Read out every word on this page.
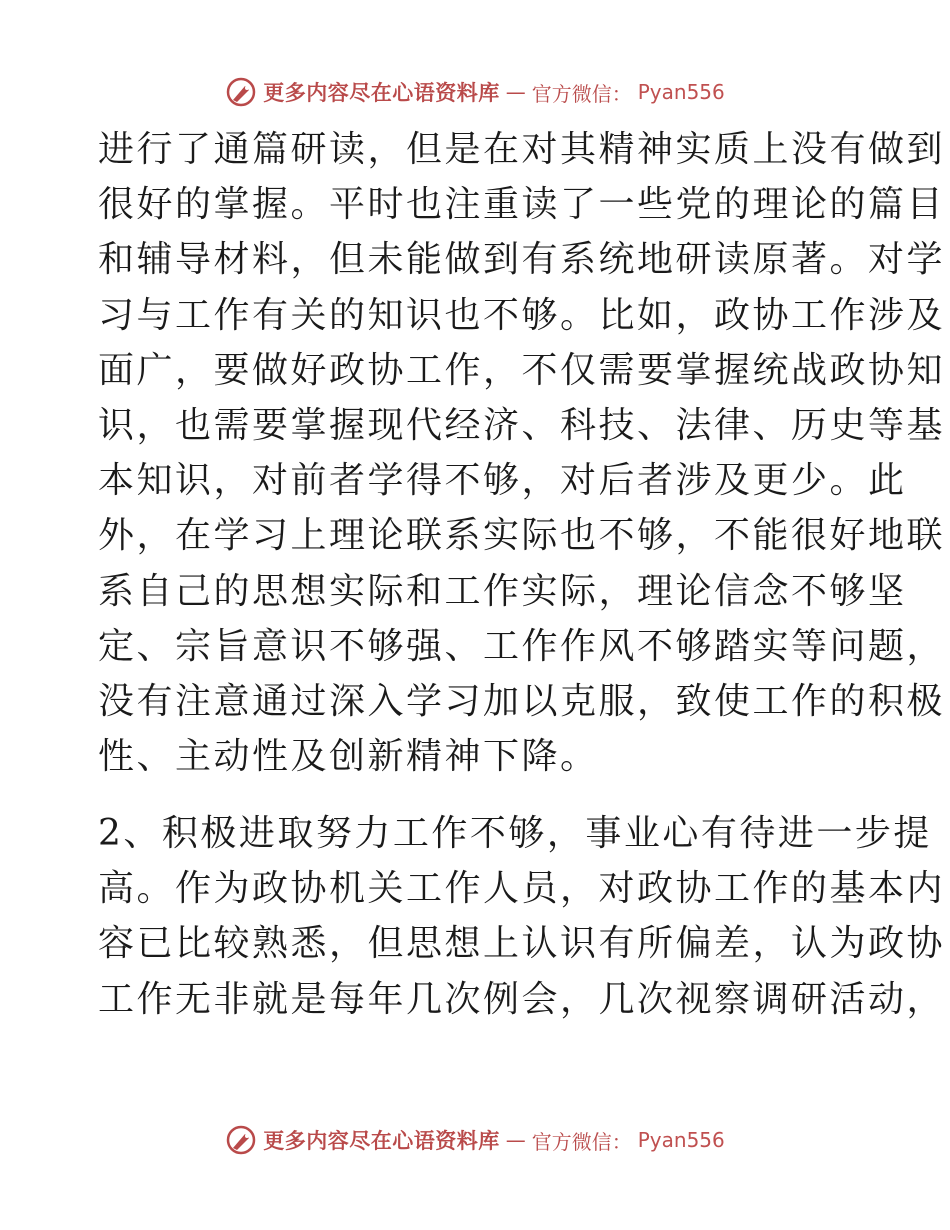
更多内容尽在心语资料库 — 官方微信： Pyan556
进行了通篇研读，但是在对其精神实质上没有做到
很好的掌握。平时也注重读了一些党的理论的篇目
和辅导材料，但未能做到有系统地研读原著。对学
习与工作有关的知识也不够。比如，政协工作涉及
面广，要做好政协工作，不仅需要掌握统战政协知
识，也需要掌握现代经济、科技、法律、历史等基
本知识，对前者学得不够，对后者涉及更少。此
外，在学习上理论联系实际也不够，不能很好地联
系自己的思想实际和工作实际，理论信念不够坚
定、宗旨意识不够强、工作作风不够踏实等问题，
没有注意通过深入学习加以克服，致使工作的积极
性、主动性及创新精神下降。
2、积极进取努力工作不够，事业心有待进一步提
高。作为政协机关工作人员，对政协工作的基本内
容已比较熟悉，但思想上认识有所偏差，认为政协
工作无非就是每年几次例会，几次视察调研活动，
更多内容尽在心语资料库 — 官方微信： Pyan556
